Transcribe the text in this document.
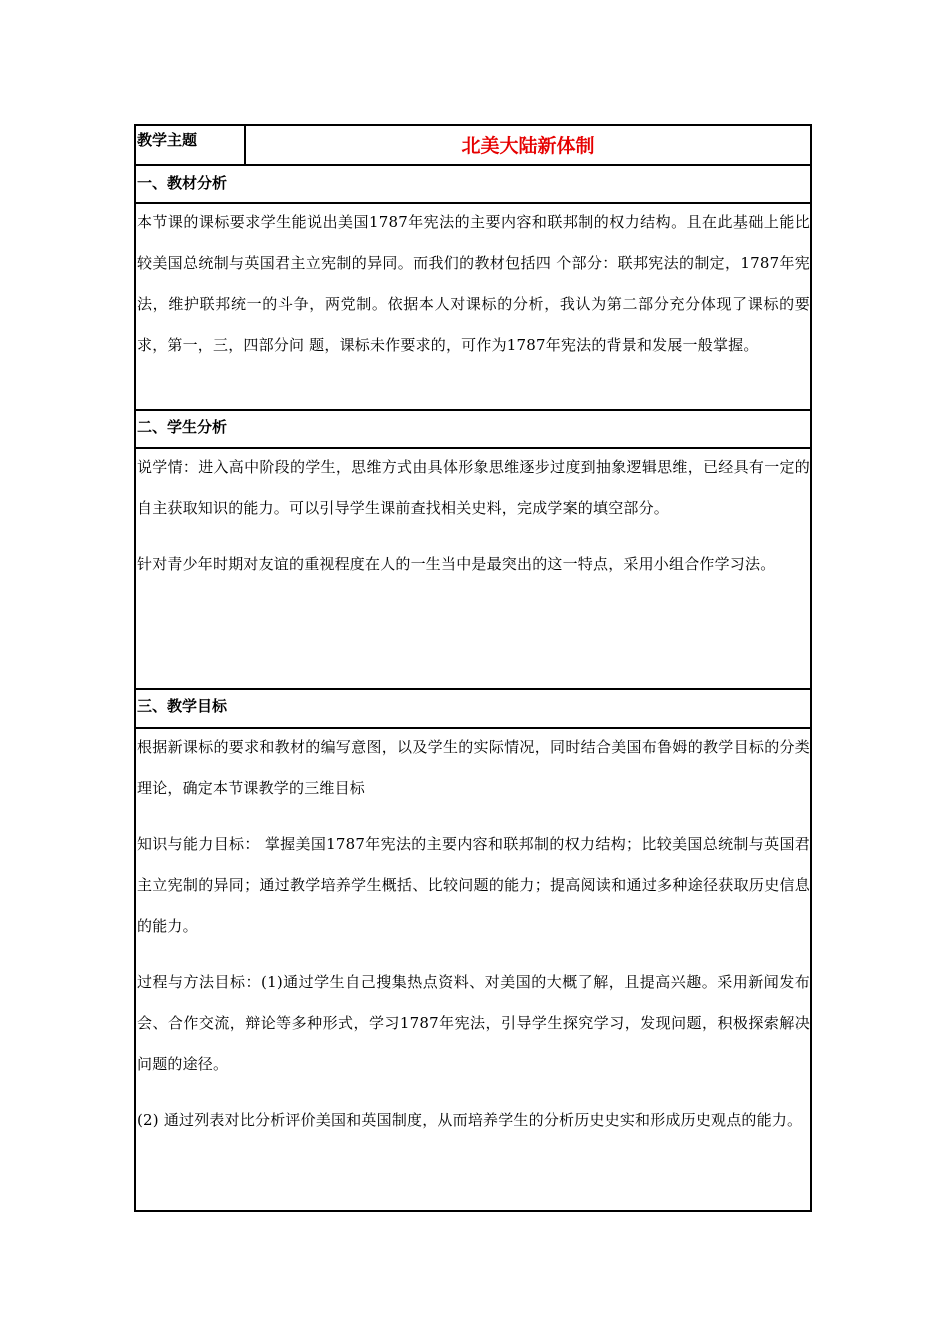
教学主题	北美大陆新体制
一、教材分析

本节课的课标要求学生能说出美国1787年宪法的主要内容和联邦制的权力结构。且在此基础上能比较美国总统制与英国君主立宪制的异同。而我们的教材包括四 个部分：联邦宪法的制定，1787年宪法，维护联邦统一的斗争，两党制。依据本人对课标的分析，我认为第二部分充分体现了课标的要求，第一，三，四部分问 题，课标未作要求的，可作为1787年宪法的背景和发展一般掌握。

二、学生分析

说学情：进入高中阶段的学生，思维方式由具体形象思维逐步过度到抽象逻辑思维，已经具有一定的自主获取知识的能力。可以引导学生课前查找相关史料，完成学案的填空部分。

针对青少年时期对友谊的重视程度在人的一生当中是最突出的这一特点，采用小组合作学习法。

三、教学目标

根据新课标的要求和教材的编写意图，以及学生的实际情况，同时结合美国布鲁姆的教学目标的分类理论，确定本节课教学的三维目标

知识与能力目标： 掌握美国1787年宪法的主要内容和联邦制的权力结构；比较美国总统制与英国君主立宪制的异同；通过教学培养学生概括、比较问题的能力；提高阅读和通过多种途径获取历史信息的能力。

过程与方法目标：(1)通过学生自己搜集热点资料、对美国的大概了解，且提高兴趣。采用新闻发布会、合作交流，辩论等多种形式，学习1787年宪法，引导学生探究学习，发现问题，积极探索解决问题的途径。

(2) 通过列表对比分析评价美国和英国制度，从而培养学生的分析历史史实和形成历史观点的能力。
